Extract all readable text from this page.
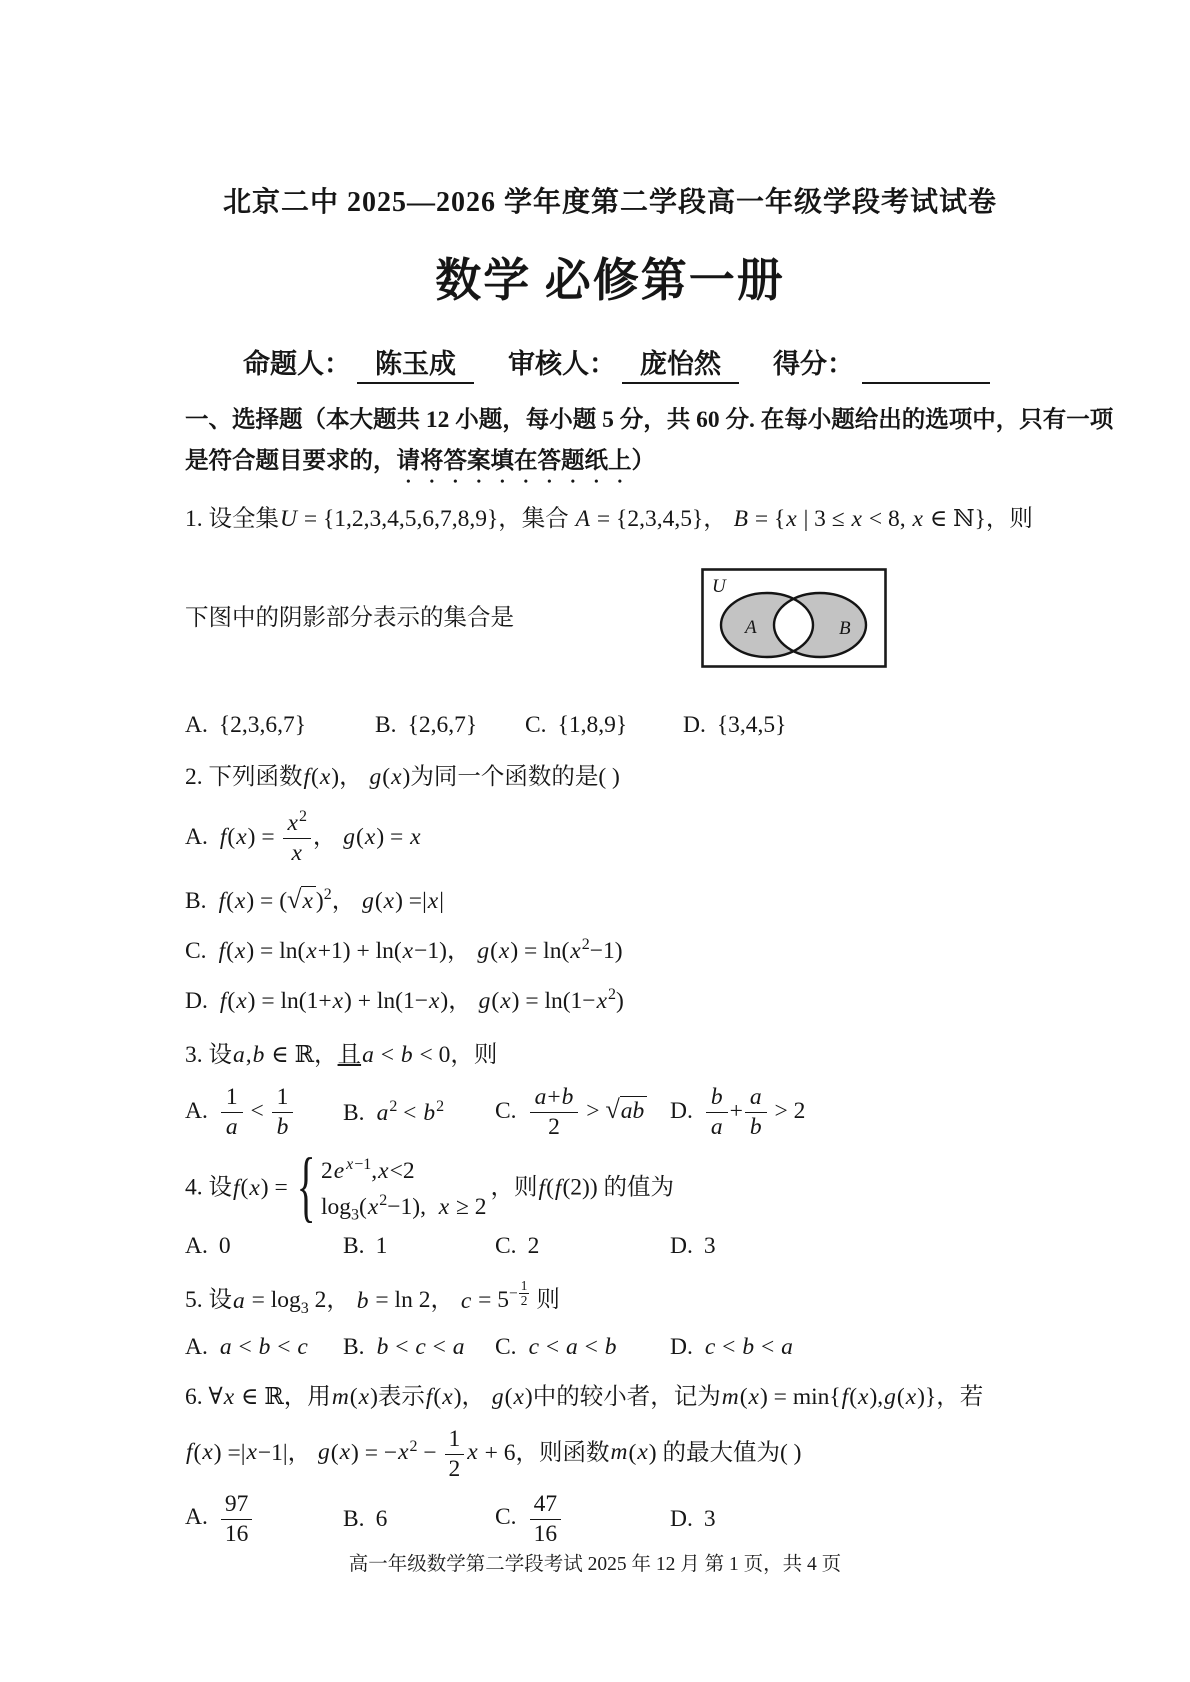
北京二中 2025—2026 学年度第二学段高一年级学段考试试卷
数学 必修第一册
命题人： 陈玉成 审核人： 庞怡然 得分：
一、选择题（本大题共 12 小题，每小题 5 分，共 60 分. 在每小题给出的选项中，只有一项
是符合题目要求的，请将答案填在答题纸上）
1. 设全集U = {1,2,3,4,5,6,7,8,9}，集合 A = {2,3,4,5}， B = {x | 3 ≤ x < 8, x ∈ ℕ}，则
下图中的阴影部分表示的集合是
U
A	B
A. {2,3,6,7}	B. {2,6,7}	C. {1,8,9}	D. {3,4,5}
2. 下列函数f(x)， g(x)为同一个函数的是( )
A. $f(x) = \frac{x^2}{x}$ ， g(x) = x
B. f(x) = (√x )$^2$， g(x) =|x|
C. f(x) = ln(x+1) + ln(x−1)， $g(x) = \ln(x^2-1)$
D. f(x) = ln(1+x) + ln(1−x)， $g(x) = \ln(1-x^2)$
3. 设a,b ∈ ℝ，且a < b < 0，则
A. $\frac{1}{a} < \frac{1}{b} B$. $a^2 < b^2$	C. $\frac{a+b}{2} > √ab$	D. $\frac{b}{a} + \frac{a}{b} > 2$
4. 设f(x) = { 2e $^{x-1}$,x<2
$\log_3(x^2-1)$,  x ≥ 2
，则f(f(2)) 的值为
A. 0	B. 1	C. 2	D. 3
5. 设$a = \log_3 2$， b = ln 2， $c = 5^{- \frac{1}{2}}$ 则
A. a < b < c	B. b < c < a	C. c < a < b	D. c < b < a
6. ∀x ∈ ℝ，用m(x)表示f(x)， g(x)中的较小者，记为m(x) = min{f(x),g(x)}，若
f(x) =|x−1|， $g(x) = -x^2 - \frac{1}{2}$ x + 6，则函数m(x) 的最大值为( )
A. $\frac{97}{16}$	B. 6	C. $\frac{47}{16}$	D. 3
高一年级数学第二学段考试 2025 年 12 月 第 1 页，共 4 页
